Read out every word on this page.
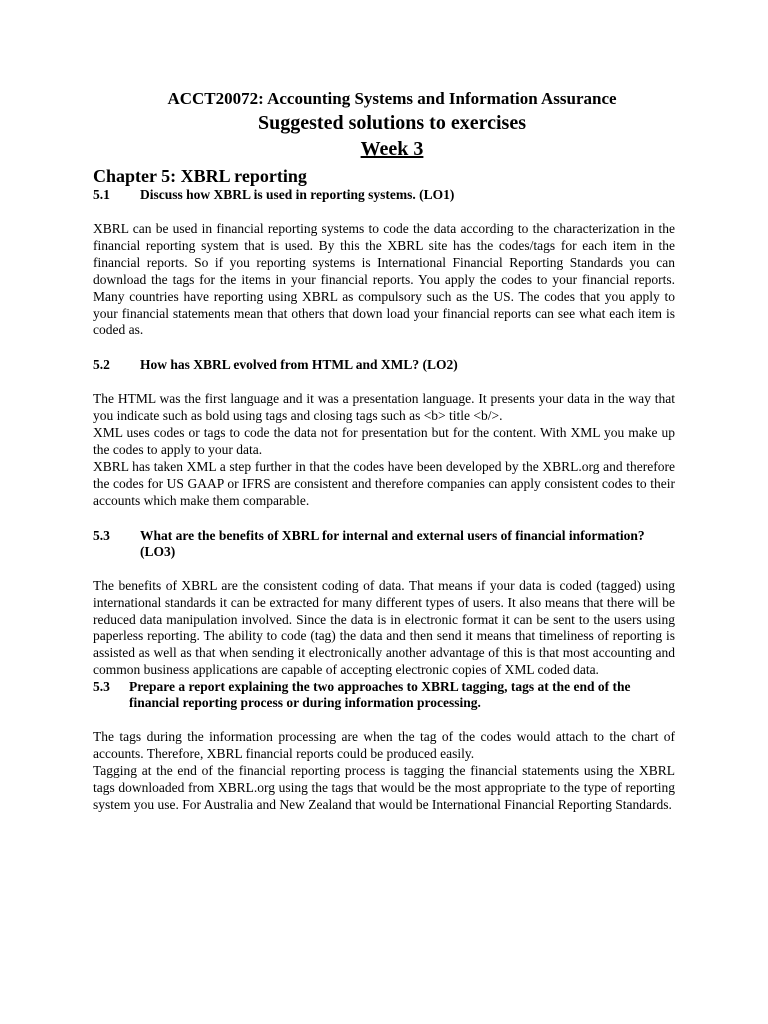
ACCT20072: Accounting Systems and Information Assurance
Suggested solutions to exercises
Week 3
Chapter 5: XBRL reporting
5.1	Discuss how XBRL is used in reporting systems. (LO1)

XBRL can be used in financial reporting systems to code the data according to the characterization in the financial reporting system that is used. By this the XBRL site has the codes/tags for each item in the financial reports. So if you reporting systems is International Financial Reporting Standards you can download the tags for the items in your financial reports. You apply the codes to your financial reports. Many countries have reporting using XBRL as compulsory such as the US. The codes that you apply to your financial statements mean that others that down load your financial reports can see what each item is coded as.

5.2	How has XBRL evolved from HTML and XML? (LO2)

The HTML was the first language and it was a presentation language. It presents your data in the way that you indicate such as bold using tags and closing tags such as <b> title <b/>.

XML uses codes or tags to code the data not for presentation but for the content. With XML you make up the codes to apply to your data.

XBRL has taken XML a step further in that the codes have been developed by the XBRL.org and therefore the codes for US GAAP or IFRS are consistent and therefore companies can apply consistent codes to their accounts which make them comparable.

5.3	What are the benefits of XBRL for internal and external users of financial information? (LO3)

The benefits of XBRL are the consistent coding of data. That means if your data is coded (tagged) using international standards it can be extracted for many different types of users. It also means that there will be reduced data manipulation involved. Since the data is in electronic format it can be sent to the users using paperless reporting. The ability to code (tag) the data and then send it means that timeliness of reporting is assisted as well as that when sending it electronically another advantage of this is that most accounting and common business applications are capable of accepting electronic copies of XML coded data.

5.3	Prepare a report explaining the two approaches to XBRL tagging, tags at the end of the financial reporting process or during information processing.

The tags during the information processing are when the tag of the codes would attach to the chart of accounts. Therefore, XBRL financial reports could be produced easily.

Tagging at the end of the financial reporting process is tagging the financial statements using the XBRL tags downloaded from XBRL.org using the tags that would be the most appropriate to the type of reporting system you use. For Australia and New Zealand that would be International Financial Reporting Standards.
